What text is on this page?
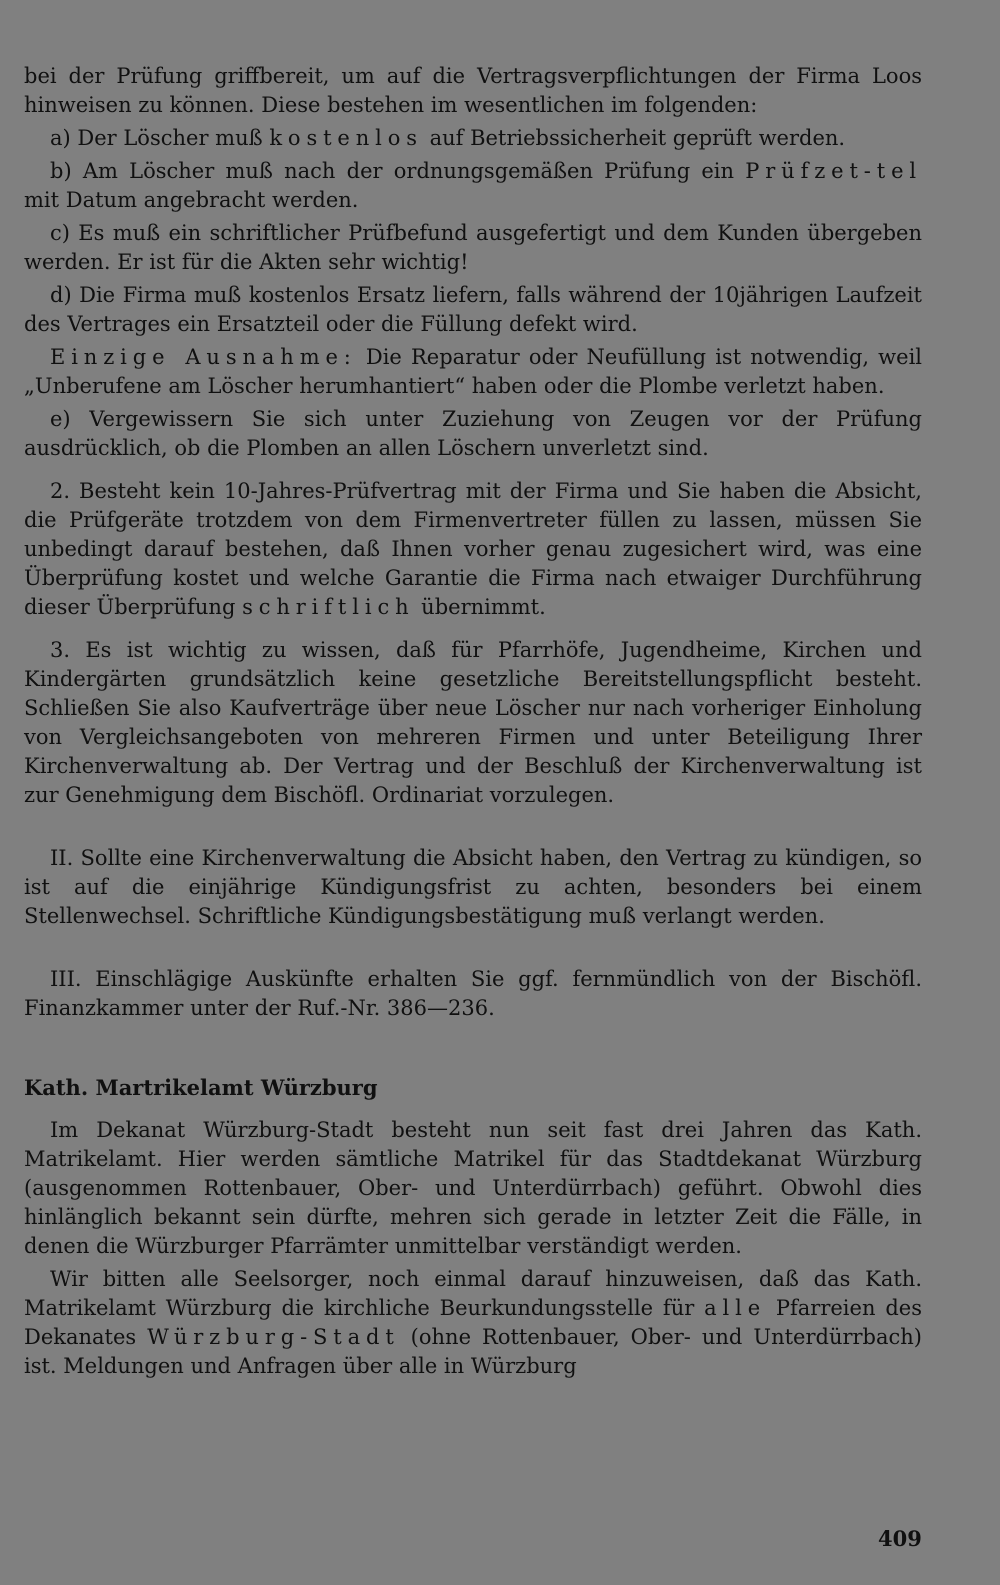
bei der Prüfung griffbereit, um auf die Vertragsverpflichtungen der Firma Loos hinweisen zu können. Diese bestehen im wesentlichen im folgenden:

a) Der Löscher muß kostenlos auf Betriebssicherheit geprüft werden.

b) Am Löscher muß nach der ordnungsgemäßen Prüfung ein Prüfzet-tel mit Datum angebracht werden.

c) Es muß ein schriftlicher Prüfbefund ausgefertigt und dem Kunden übergeben werden. Er ist für die Akten sehr wichtig!

d) Die Firma muß kostenlos Ersatz liefern, falls während der 10jährigen Laufzeit des Vertrages ein Ersatzteil oder die Füllung defekt wird.

Einzige Ausnahme: Die Reparatur oder Neufüllung ist notwendig, weil „Unberufene am Löscher herumhantiert“ haben oder die Plombe verletzt haben.

e) Vergewissern Sie sich unter Zuziehung von Zeugen vor der Prüfung ausdrücklich, ob die Plomben an allen Löschern unverletzt sind.

2. Besteht kein 10-Jahres-Prüfvertrag mit der Firma und Sie haben die Absicht, die Prüfgeräte trotzdem von dem Firmenvertreter füllen zu lassen, müssen Sie unbedingt darauf bestehen, daß Ihnen vorher genau zugesichert wird, was eine Überprüfung kostet und welche Garantie die Firma nach etwaiger Durchführung dieser Überprüfung schriftlich übernimmt.

3. Es ist wichtig zu wissen, daß für Pfarrhöfe, Jugendheime, Kirchen und Kindergärten grundsätzlich keine gesetzliche Bereitstellungspflicht besteht. Schließen Sie also Kaufverträge über neue Löscher nur nach vorheriger Einholung von Vergleichsangeboten von mehreren Firmen und unter Beteiligung Ihrer Kirchenverwaltung ab. Der Vertrag und der Beschluß der Kirchenverwaltung ist zur Genehmigung dem Bischöfl. Ordinariat vorzulegen.

II. Sollte eine Kirchenverwaltung die Absicht haben, den Vertrag zu kündigen, so ist auf die einjährige Kündigungsfrist zu achten, besonders bei einem Stellenwechsel. Schriftliche Kündigungsbestätigung muß verlangt werden.

III. Einschlägige Auskünfte erhalten Sie ggf. fernmündlich von der Bischöfl. Finanzkammer unter der Ruf.-Nr. 386—236.

Kath. Martrikelamt Würzburg

Im Dekanat Würzburg-Stadt besteht nun seit fast drei Jahren das Kath. Matrikelamt. Hier werden sämtliche Matrikel für das Stadtdekanat Würzburg (ausgenommen Rottenbauer, Ober- und Unterdürrbach) geführt. Obwohl dies hinlänglich bekannt sein dürfte, mehren sich gerade in letzter Zeit die Fälle, in denen die Würzburger Pfarrämter unmittelbar verständigt werden.

Wir bitten alle Seelsorger, noch einmal darauf hinzuweisen, daß das Kath. Matrikelamt Würzburg die kirchliche Beurkundungsstelle für alle Pfarreien des Dekanates Würzburg-Stadt (ohne Rottenbauer, Ober- und Unterdürrbach) ist. Meldungen und Anfragen über alle in Würzburg

409
